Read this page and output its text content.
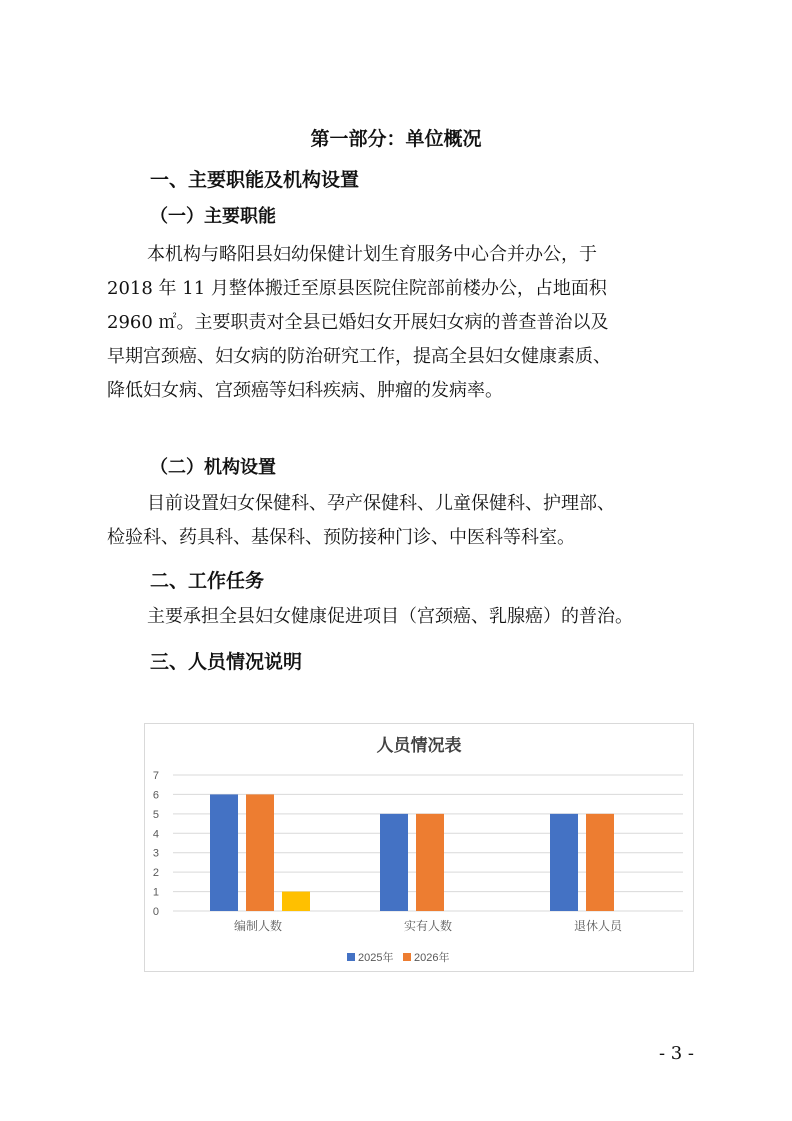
第一部分：单位概况
一、主要职能及机构设置
（一）主要职能
本机构与略阳县妇幼保健计划生育服务中心合并办公，于
2018 年 11 月整体搬迁至原县医院住院部前楼办公，占地面积
2960 ㎡。主要职责对全县已婚妇女开展妇女病的普查普治以及
早期宫颈癌、妇女病的防治研究工作，提高全县妇女健康素质、
降低妇女病、宫颈癌等妇科疾病、肿瘤的发病率。
（二）机构设置
目前设置妇女保健科、孕产保健科、儿童保健科、护理部、
检验科、药具科、基保科、预防接种门诊、中医科等科室。
二、工作任务
主要承担全县妇女健康促进项目（宫颈癌、乳腺癌）的普治。
三、人员情况说明
人员情况表
0
1
2
3
4
5
6
7
编制人数	实有人数	退休人员
2025年 2026年
- 3 -
